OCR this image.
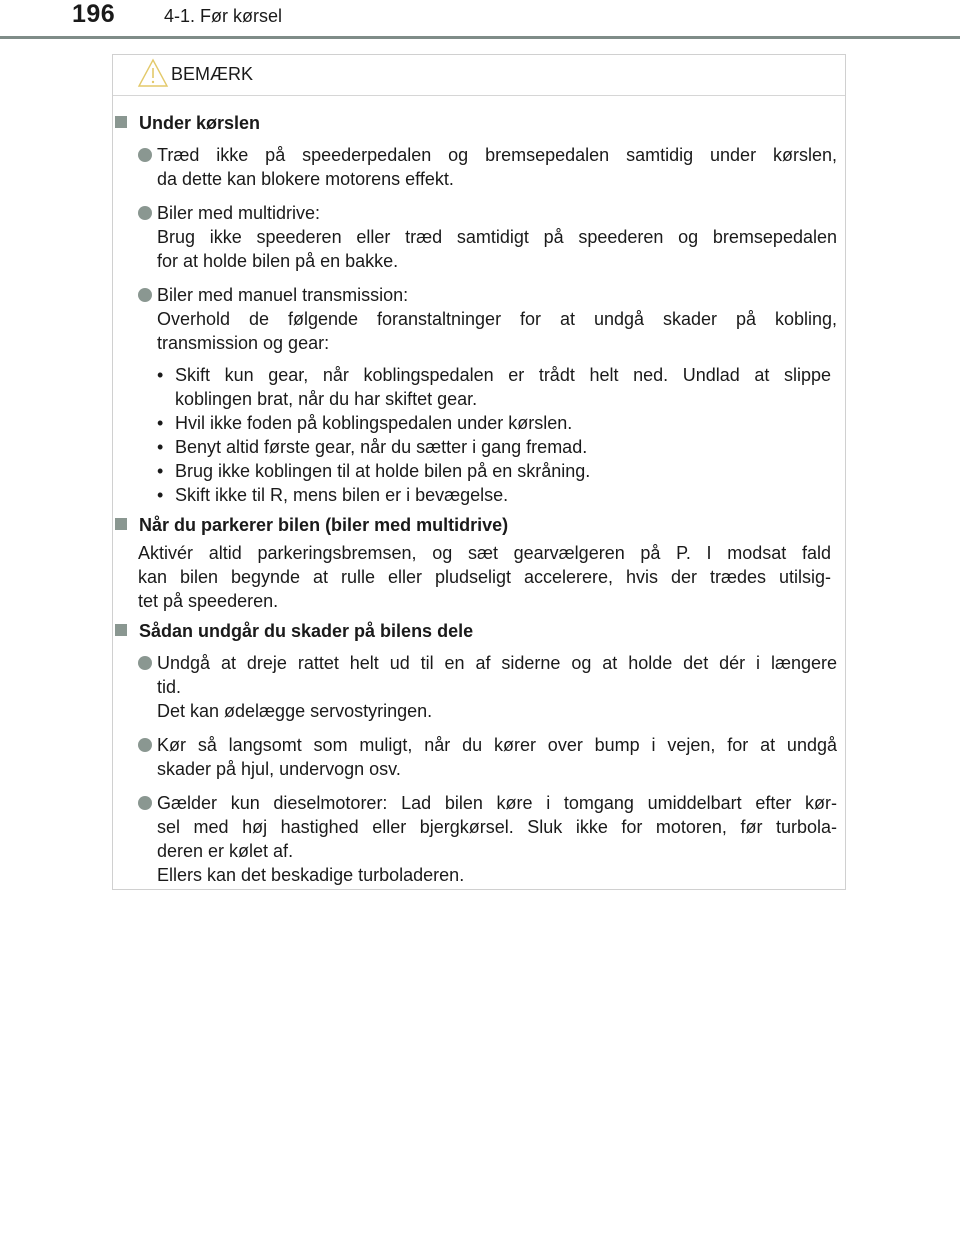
196	4-1. Før kørsel
BEMÆRK
Under kørslen
Træd ikke på speederpedalen og bremsepedalen samtidig under kørslen,
da dette kan blokere motorens effekt.
Biler med multidrive:
Brug ikke speederen eller træd samtidigt på speederen og bremsepedalen
for at holde bilen på en bakke.
Biler med manuel transmission:
Overhold de følgende foranstaltninger for at undgå skader på kobling,
transmission og gear:
• Skift kun gear, når koblingspedalen er trådt helt ned. Undlad at slippe
koblingen brat, når du har skiftet gear.
• Hvil ikke foden på koblingspedalen under kørslen.
• Benyt altid første gear, når du sætter i gang fremad.
• Brug ikke koblingen til at holde bilen på en skråning.
• Skift ikke til R, mens bilen er i bevægelse.
Når du parkerer bilen (biler med multidrive)
Aktivér altid parkeringsbremsen, og sæt gearvælgeren på P. I modsat fald
kan bilen begynde at rulle eller pludseligt accelerere, hvis der trædes utilsig-
tet på speederen.
Sådan undgår du skader på bilens dele
Undgå at dreje rattet helt ud til en af siderne og at holde det dér i længere
tid.
Det kan ødelægge servostyringen.
Kør så langsomt som muligt, når du kører over bump i vejen, for at undgå
skader på hjul, undervogn osv.
Gælder kun dieselmotorer: Lad bilen køre i tomgang umiddelbart efter kør-
sel med høj hastighed eller bjergkørsel. Sluk ikke for motoren, før turbola-
deren er kølet af.
Ellers kan det beskadige turboladeren.
